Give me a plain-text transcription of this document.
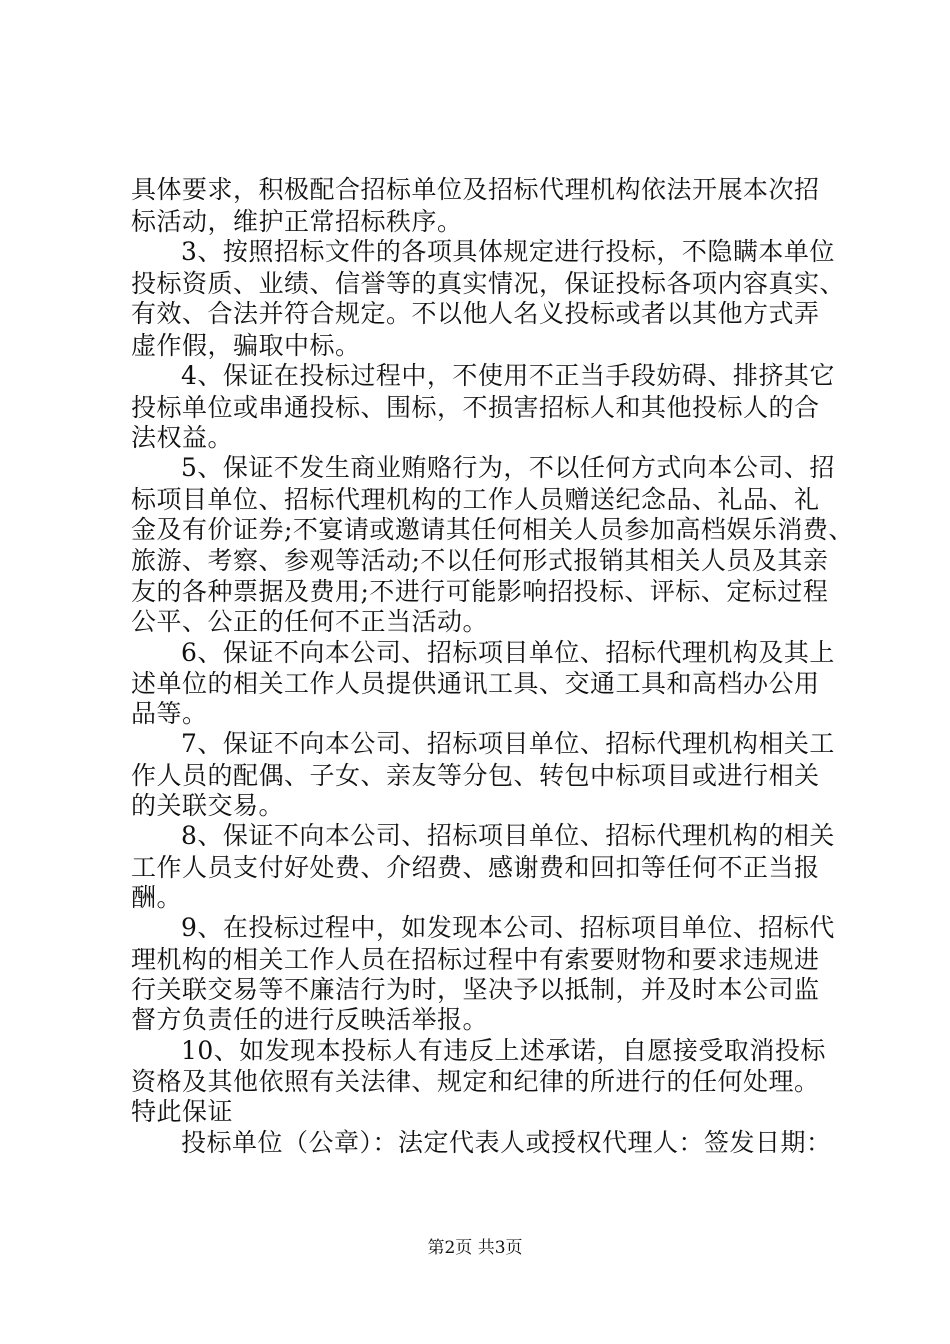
具体要求，积极配合招标单位及招标代理机构依法开展本次招
标活动，维护正常招标秩序。
3、按照招标文件的各项具体规定进行投标，不隐瞒本单位
投标资质、业绩、信誉等的真实情况，保证投标各项内容真实、
有效、合法并符合规定。不以他人名义投标或者以其他方式弄
虚作假，骗取中标。
4、保证在投标过程中，不使用不正当手段妨碍、排挤其它
投标单位或串通投标、围标，不损害招标人和其他投标人的合
法权益。
5、保证不发生商业贿赂行为，不以任何方式向本公司、招
标项目单位、招标代理机构的工作人员赠送纪念品、礼品、礼
金及有价证券;不宴请或邀请其任何相关人员参加高档娱乐消费、
旅游、考察、参观等活动;不以任何形式报销其相关人员及其亲
友的各种票据及费用;不进行可能影响招投标、评标、定标过程
公平、公正的任何不正当活动。
6、保证不向本公司、招标项目单位、招标代理机构及其上
述单位的相关工作人员提供通讯工具、交通工具和高档办公用
品等。
7、保证不向本公司、招标项目单位、招标代理机构相关工
作人员的配偶、子女、亲友等分包、转包中标项目或进行相关
的关联交易。
8、保证不向本公司、招标项目单位、招标代理机构的相关
工作人员支付好处费、介绍费、感谢费和回扣等任何不正当报
酬。
9、在投标过程中，如发现本公司、招标项目单位、招标代
理机构的相关工作人员在招标过程中有索要财物和要求违规进
行关联交易等不廉洁行为时，坚决予以抵制，并及时本公司监
督方负责任的进行反映活举报。
10、如发现本投标人有违反上述承诺，自愿接受取消投标
资格及其他依照有关法律、规定和纪律的所进行的任何处理。
特此保证
投标单位（公章）：法定代表人或授权代理人：签发日期：
第2页 共3页
